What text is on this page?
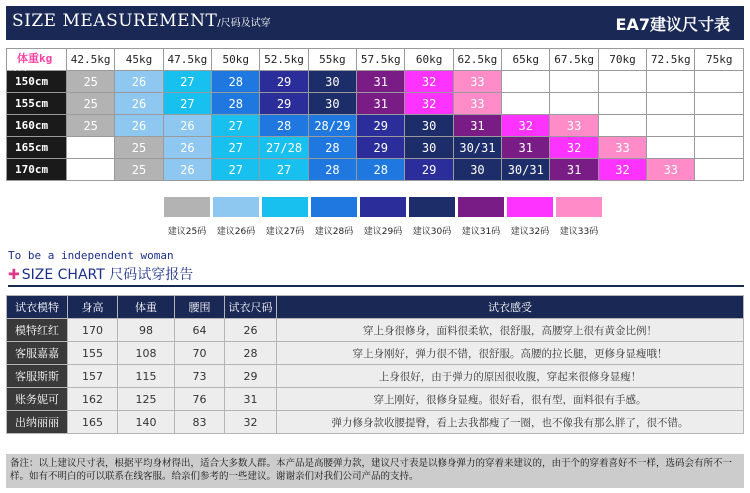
SIZE MEASUREMENT/尺码及试穿	EA7建议尺寸表
体重kg
身高cm	42.5kg	45kg	47.5kg	50kg	52.5kg	55kg	57.5kg	60kg	62.5kg	65kg	67.5kg	70kg	72.5kg	75kg
150cm	25	26	27	28	29	30	31	32	33					
155cm	25	26	27	28	29	30	31	32	33					
160cm	25	26	26	27	28	28/29	29	30	31	32	33			
165cm		25	26	27	27/28	28	29	30	30/31	31	32	33		
170cm		25	26	27	27	28	28	29	30	30/31	31	32	33	
建议25码	建议26码	建议27码	建议28码	建议29码	建议30码	建议31码	建议32码	建议33码
To be a independent woman
✚ SIZE CHART 尺码试穿报告
试衣模特	身高	体重	腰围	试衣尺码	试衣感受
模特红红	170	98	64	26	穿上身很修身，面料很柔软，很舒服，高腰穿上很有黄金比例！
客服嘉嘉	155	108	70	28	穿上身刚好，弹力很不错，很舒服。高腰的拉长腿，更修身显瘦哦！
客服斯斯	157	115	73	29	上身很好，由于弹力的原因很收腹，穿起来很修身显瘦！
账务妮可	162	125	76	31	穿上刚好，很修身显瘦。很好看，很有型，面料很有手感。
出纳丽丽	165	140	83	32	弹力修身款收腰提臀，看上去我都瘦了一圈，也不像我有那么胖了，很不错。
备注：以上建议尺寸表，根据平均身材得出，适合大多数人群。本产品是高腰弹力款，建议尺寸表是以修身弹力的穿着来建议的，由于个的穿着喜好不一样，选码会有所不一样。如有不明白的可以联系在线客服。给亲们参考的一些建议。谢谢亲们对我们公司产品的支持。
